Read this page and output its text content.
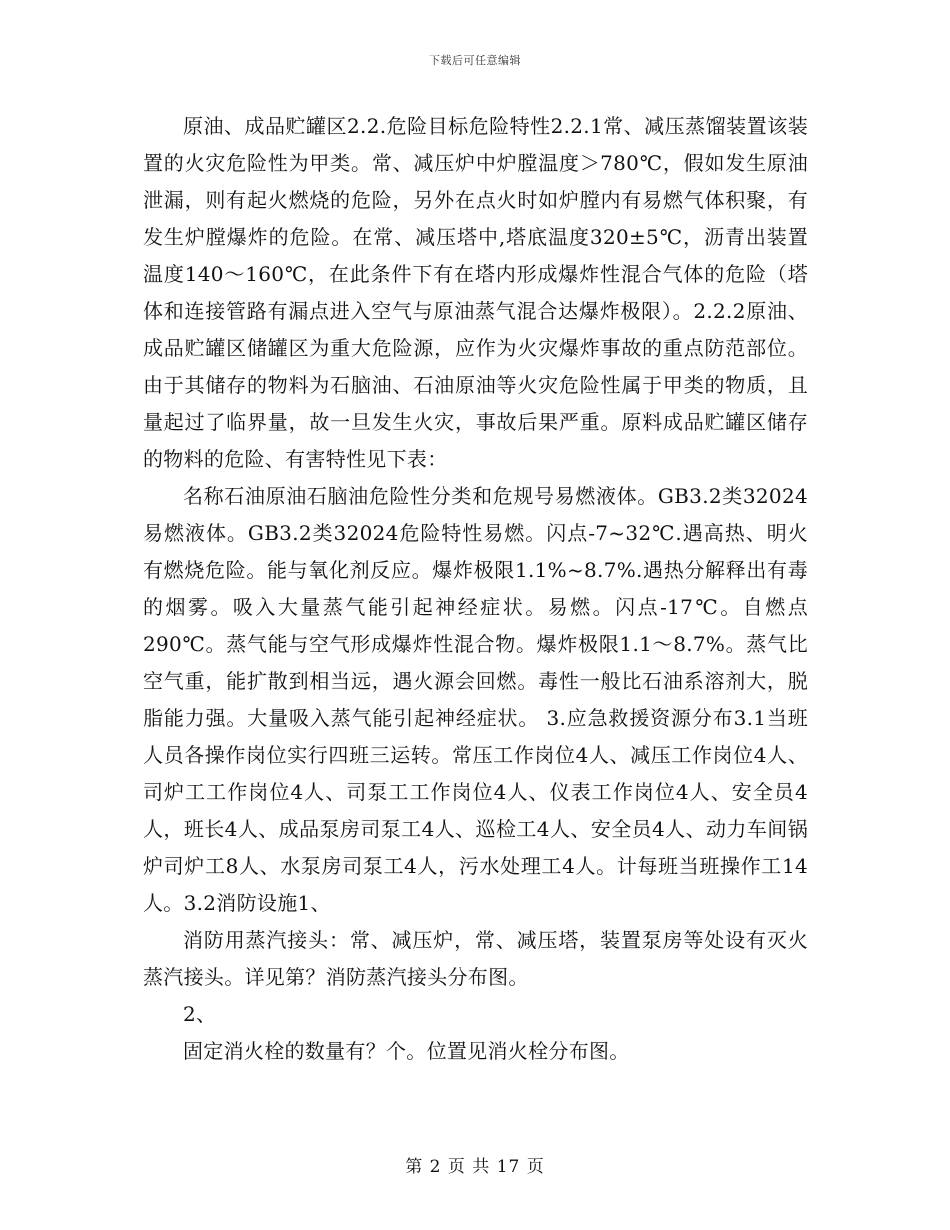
下载后可任意编辑

原油、成品贮罐区2.2.危险目标危险特性2.2.1常、减压蒸馏装置该装置的火灾危险性为甲类。常、减压炉中炉膛温度＞780℃，假如发生原油泄漏，则有起火燃烧的危险，另外在点火时如炉膛内有易燃气体积聚，有发生炉膛爆炸的危险。在常、减压塔中,塔底温度320±5℃，沥青出装置温度140～160℃，在此条件下有在塔内形成爆炸性混合气体的危险（塔体和连接管路有漏点进入空气与原油蒸气混合达爆炸极限）。2.2.2原油、成品贮罐区储罐区为重大危险源，应作为火灾爆炸事故的重点防范部位。由于其储存的物料为石脑油、石油原油等火灾危险性属于甲类的物质，且量起过了临界量，故一旦发生火灾，事故后果严重。原料成品贮罐区储存的物料的危险、有害特性见下表：

名称石油原油石脑油危险性分类和危规号易燃液体。GB3.2类32024易燃液体。GB3.2类32024危险特性易燃。闪点-7~32℃.遇高热、明火有燃烧危险。能与氧化剂反应。爆炸极限1.1%~8.7%.遇热分解释出有毒的烟雾。吸入大量蒸气能引起神经症状。易燃。闪点-17℃。自燃点290℃。蒸气能与空气形成爆炸性混合物。爆炸极限1.1～8.7%。蒸气比空气重，能扩散到相当远，遇火源会回燃。毒性一般比石油系溶剂大，脱脂能力强。大量吸入蒸气能引起神经症状。 3.应急救援资源分布3.1当班人员各操作岗位实行四班三运转。常压工作岗位4人、减压工作岗位4人、司炉工工作岗位4人、司泵工工作岗位4人、仪表工作岗位4人、安全员4人，班长4人、成品泵房司泵工4人、巡检工4人、安全员4人、动力车间锅炉司炉工8人、水泵房司泵工4人，污水处理工4人。计每班当班操作工14人。3.2消防设施1、

消防用蒸汽接头：常、减压炉，常、减压塔，装置泵房等处设有灭火蒸汽接头。详见第？消防蒸汽接头分布图。

2、

固定消火栓的数量有？个。位置见消火栓分布图。

第 2 页 共 17 页
